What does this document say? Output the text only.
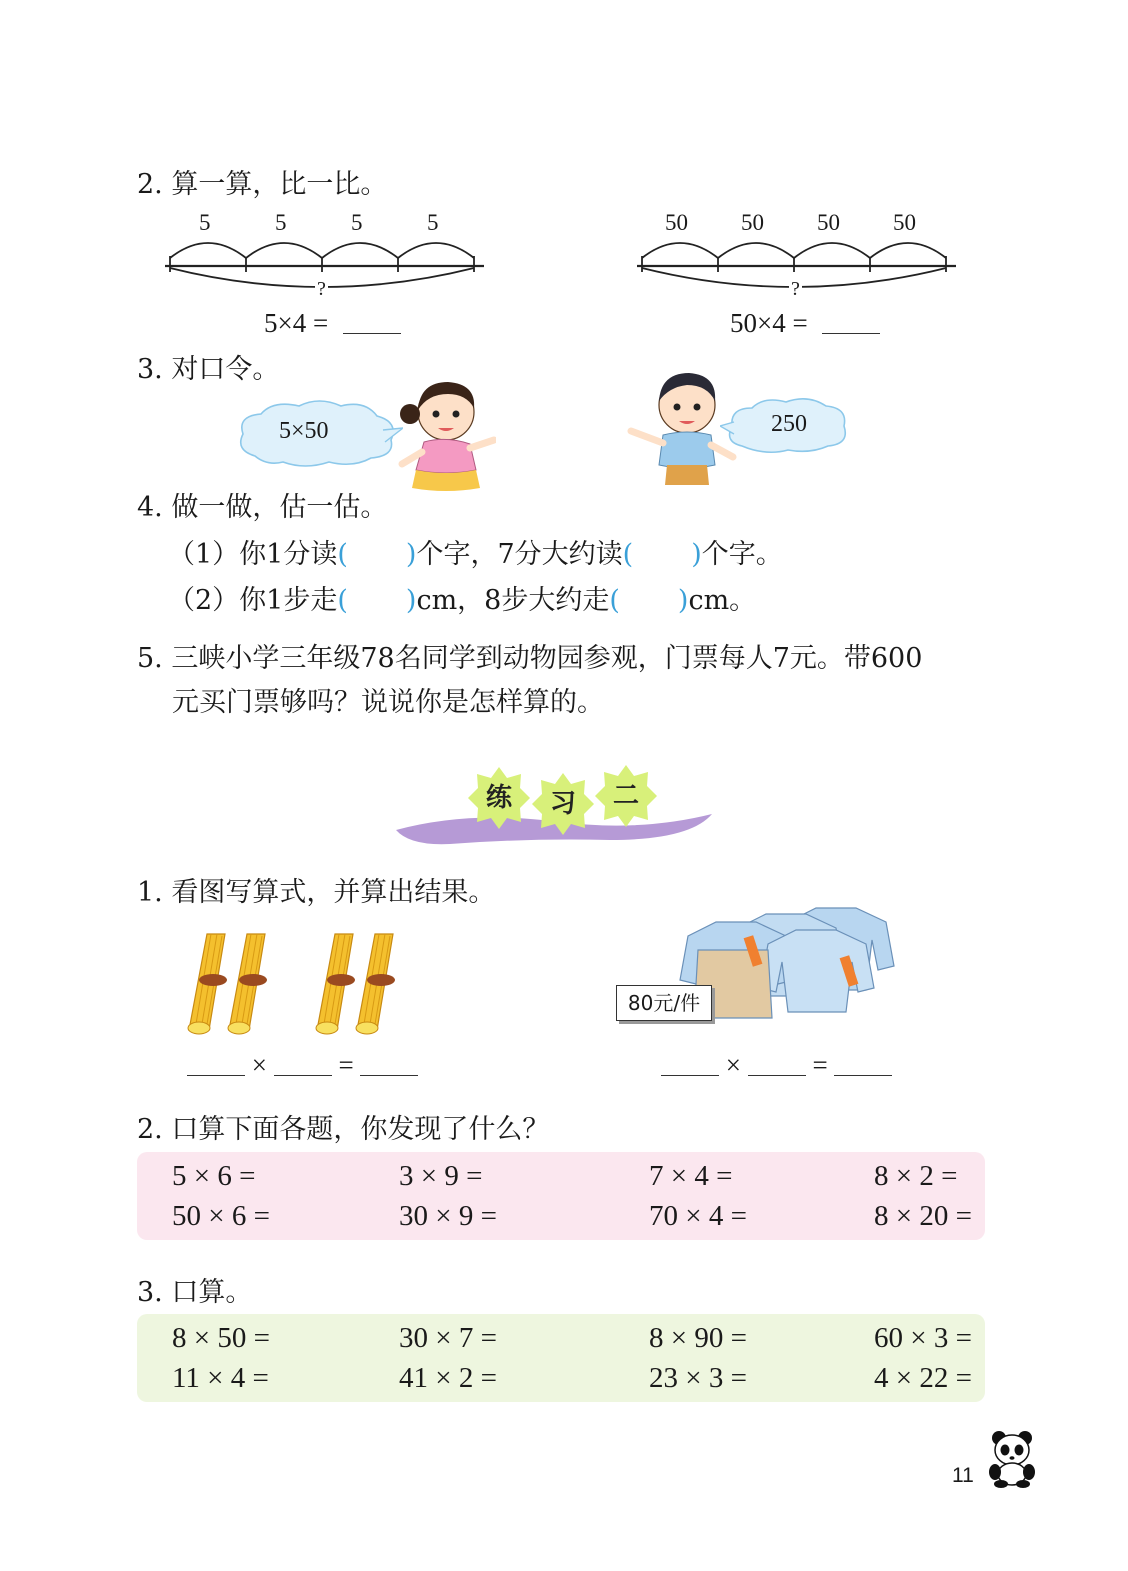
2. 算一算，比一比。
5	5	5	5
?
5×4 =
50 50 50 50
?
50×4 =
3. 对口令。
5×50	250
4. 做一做，估一估。
（1）你1分读( )个字，7分大约读( )个字。
（2）你1步走( )cm，8步大约走( )cm。
5. 三峡小学三年级78名同学到动物园参观，门票每人7元。带600
元买门票够吗？说说你是怎样算的。
练	习	二
1. 看图写算式，并算出结果。
×	=
80元/件
×	=
2. 口算下面各题，你发现了什么？
5 × 6 =	3 × 9 =	7 × 4 =	8 × 2 =
50 × 6 =	30 × 9 =	70 × 4 =	8 × 20 =
3. 口算。
8 × 50 =	30 × 7 =	8 × 90 =	60 × 3 =
11 × 4 =	41 × 2 =	23 × 3 =	4 × 22 =
11
